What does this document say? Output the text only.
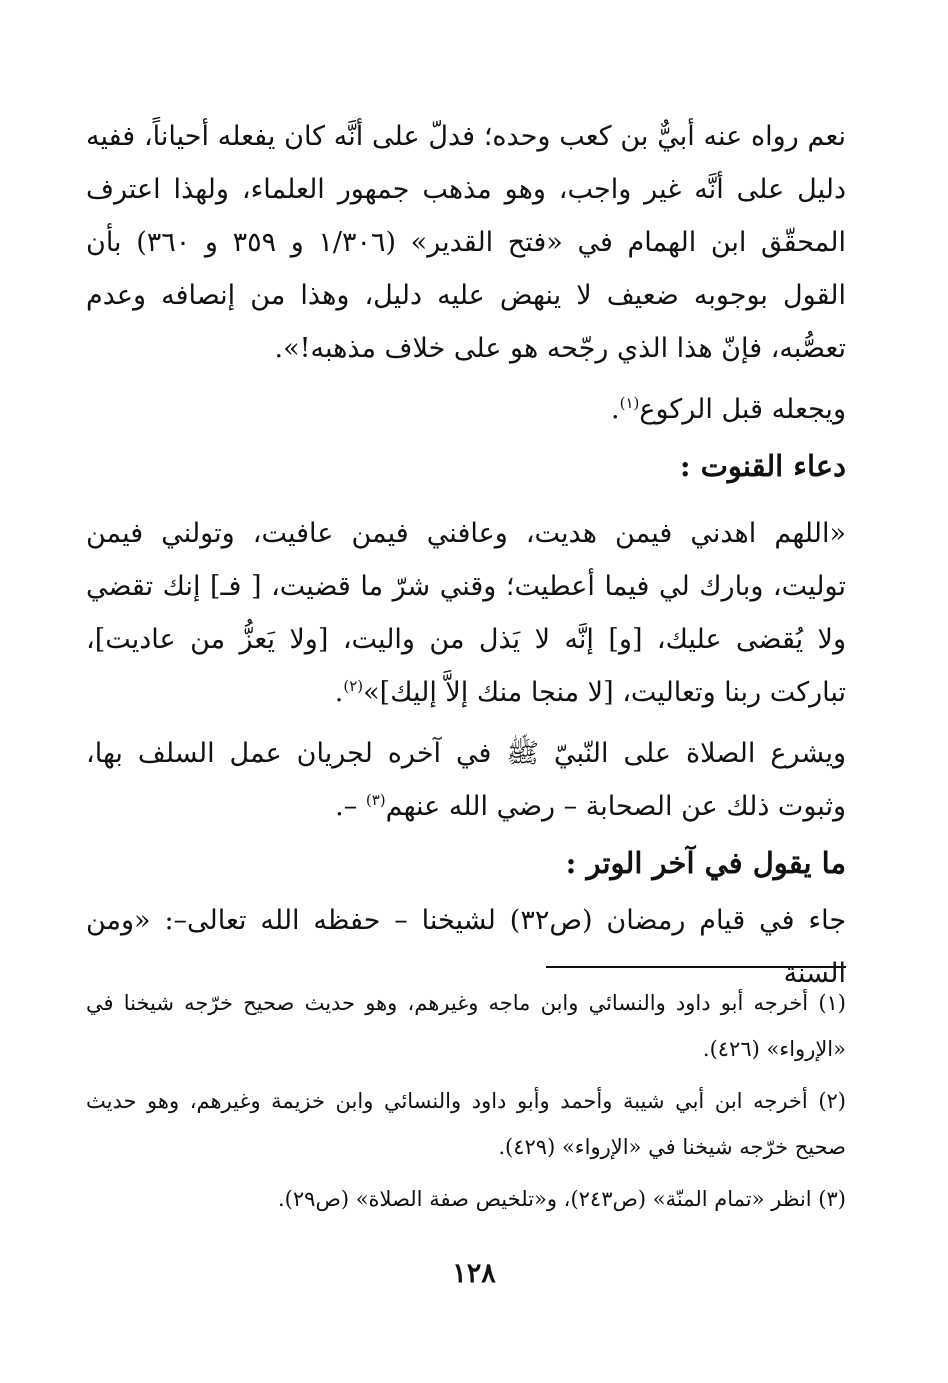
نعم رواه عنه أبيٌّ بن كعب وحده؛ فدلّ على أنَّه كان يفعله أحياناً، ففيه دليل على أنَّه غير واجب، وهو مذهب جمهور العلماء، ولهذا اعترف المحقّق ابن الهمام في «فتح القدير» (١/٣٠٦ و ٣٥٩ و ٣٦٠) بأن القول بوجوبه ضعيف لا ينهض عليه دليل، وهذا من إنصافه وعدم تعصُّبه، فإنّ هذا الذي رجّحه هو على خلاف مذهبه!».

ويجعله قبل الركوع$^{(١)}$.

دعاء القنوت :

«اللهم اهدني فيمن هديت، وعافني فيمن عافيت، وتولني فيمن توليت، وبارك لي فيما أعطيت؛ وقني شرّ ما قضيت، [ فـ] إنك تقضي ولا يُقضى عليك، [و] إنَّه لا يَذل من واليت، [ولا يَعزُّ من عاديت]، تباركت ربنا وتعاليت، [لا منجا منك إلاَّ إليك]»$^{(٢)}$.

ويشرع الصلاة على النّبيّ ﷺ في آخره لجريان عمل السلف بها، وثبوت ذلك عن الصحابة – رضي الله عنهم$^{(٣)}$ –.

ما يقول في آخر الوتر :

جاء في قيام رمضان (ص٣٢) لشيخنا – حفظه الله تعالى–: «ومن السنة

(١) أخرجه أبو داود والنسائي وابن ماجه وغيرهم، وهو حديث صحيح خرّجه شيخنا في «الإرواء» (٤٢٦).

(٢) أخرجه ابن أبي شيبة وأحمد وأبو داود والنسائي وابن خزيمة وغيرهم، وهو حديث صحيح خرّجه شيخنا في «الإرواء» (٤٢٩).

(٣) انظر «تمام المنّة» (ص٢٤٣)، و«تلخيص صفة الصلاة» (ص٢٩).

١٢٨
